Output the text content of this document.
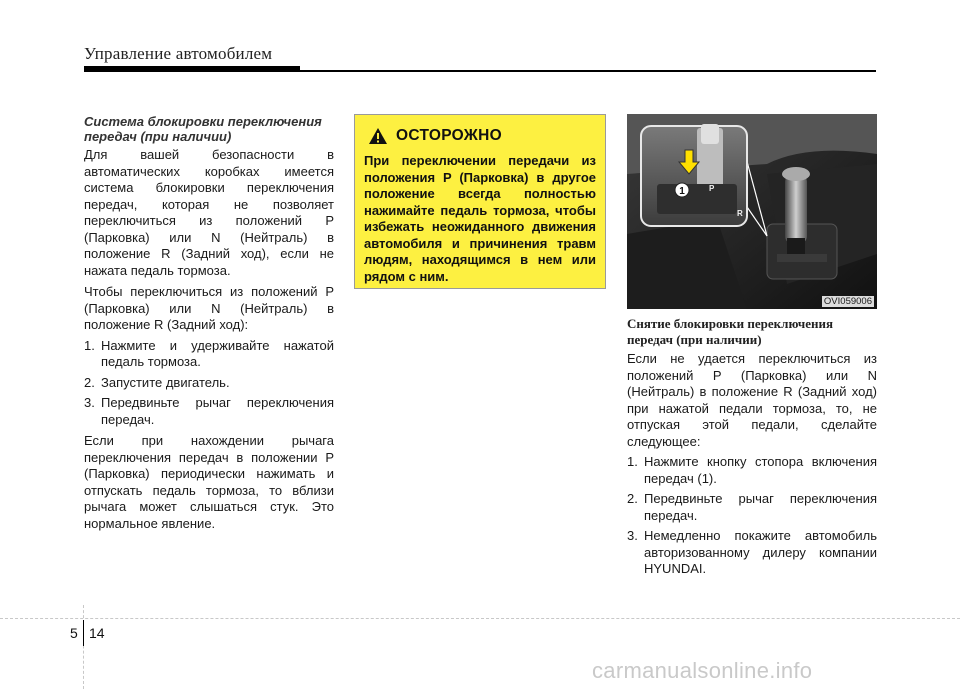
Управление автомобилем
Система блокировки переключения передач (при наличии)

Для вашей безопасности в автоматических коробках имеется система блокировки переключения передач, которая не позволяет переключиться из положений P (Парковка) или N (Нейтраль) в положение R (Задний ход), если не нажата педаль тормоза.

Чтобы переключиться из положений P (Парковка) или N (Нейтраль) в положение R (Задний ход):

1. Нажмите и удерживайте нажатой педаль тормоза.
2. Запустите двигатель.
3. Передвиньте рычаг переключения передач.

Если при нахождении рычага переключения передач в положении P (Парковка) периодически нажимать и отпускать педаль тормоза, то вблизи рычага может слышаться стук. Это нормальное явление.

ОСТОРОЖНО

При переключении передачи из положения P (Парковка) в другое положение всегда полностью нажимайте педаль тормоза, чтобы избежать неожиданного движения автомобиля и причинения травм людям, находящимся в нем или рядом с ним.

1	P
R
OVI059006
Снятие блокировки переключения передач (при наличии)

Если не удается переключиться из положений P (Парковка) или N (Нейтраль) в положение R (Задний ход) при нажатой педали тормоза, то, не отпуская этой педали, сделайте следующее:

1. Нажмите кнопку стопора включения передач (1).
2. Передвиньте рычаг переключения передач.
3. Немедленно покажите автомобиль авторизованному дилеру компании HYUNDAI.
5 14
carmanualsonline.info
